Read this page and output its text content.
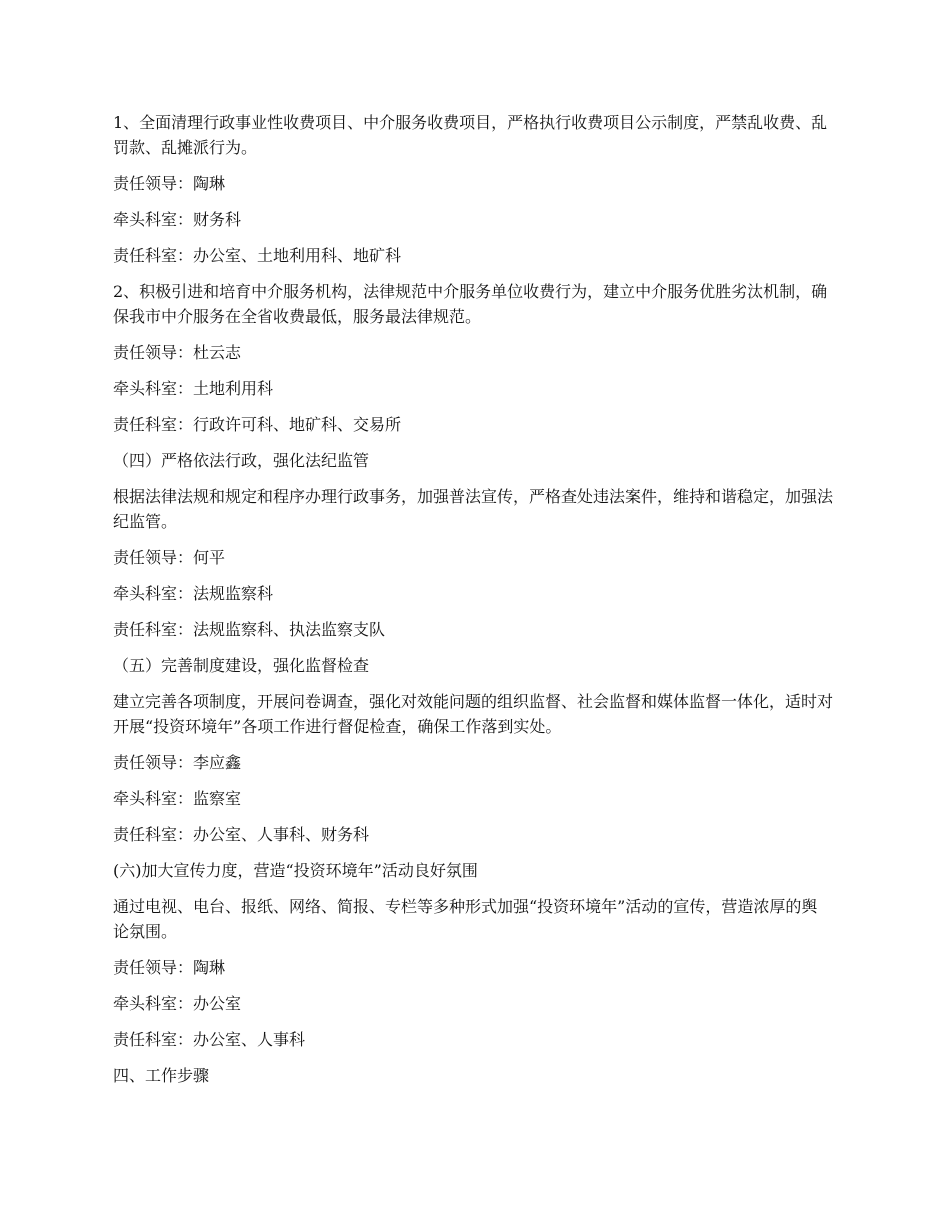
1、全面清理行政事业性收费项目、中介服务收费项目，严格执行收费项目公示制度，严禁乱收费、乱罚款、乱摊派行为。

责任领导：陶琳

牵头科室：财务科

责任科室：办公室、土地利用科、地矿科

2、积极引进和培育中介服务机构，法律规范中介服务单位收费行为，建立中介服务优胜劣汰机制，确保我市中介服务在全省收费最低，服务最法律规范。

责任领导：杜云志

牵头科室：土地利用科

责任科室：行政许可科、地矿科、交易所

（四）严格依法行政，强化法纪监管

根据法律法规和规定和程序办理行政事务，加强普法宣传，严格查处违法案件，维持和谐稳定，加强法纪监管。

责任领导：何平

牵头科室：法规监察科

责任科室：法规监察科、执法监察支队

（五）完善制度建设，强化监督检查

建立完善各项制度，开展问卷调查，强化对效能问题的组织监督、社会监督和媒体监督一体化，适时对开展“投资环境年”各项工作进行督促检查，确保工作落到实处。

责任领导：李应鑫

牵头科室：监察室

责任科室：办公室、人事科、财务科

(六)加大宣传力度，营造“投资环境年”活动良好氛围

通过电视、电台、报纸、网络、简报、专栏等多种形式加强“投资环境年”活动的宣传，营造浓厚的舆论氛围。

责任领导：陶琳

牵头科室：办公室

责任科室：办公室、人事科

四、工作步骤
